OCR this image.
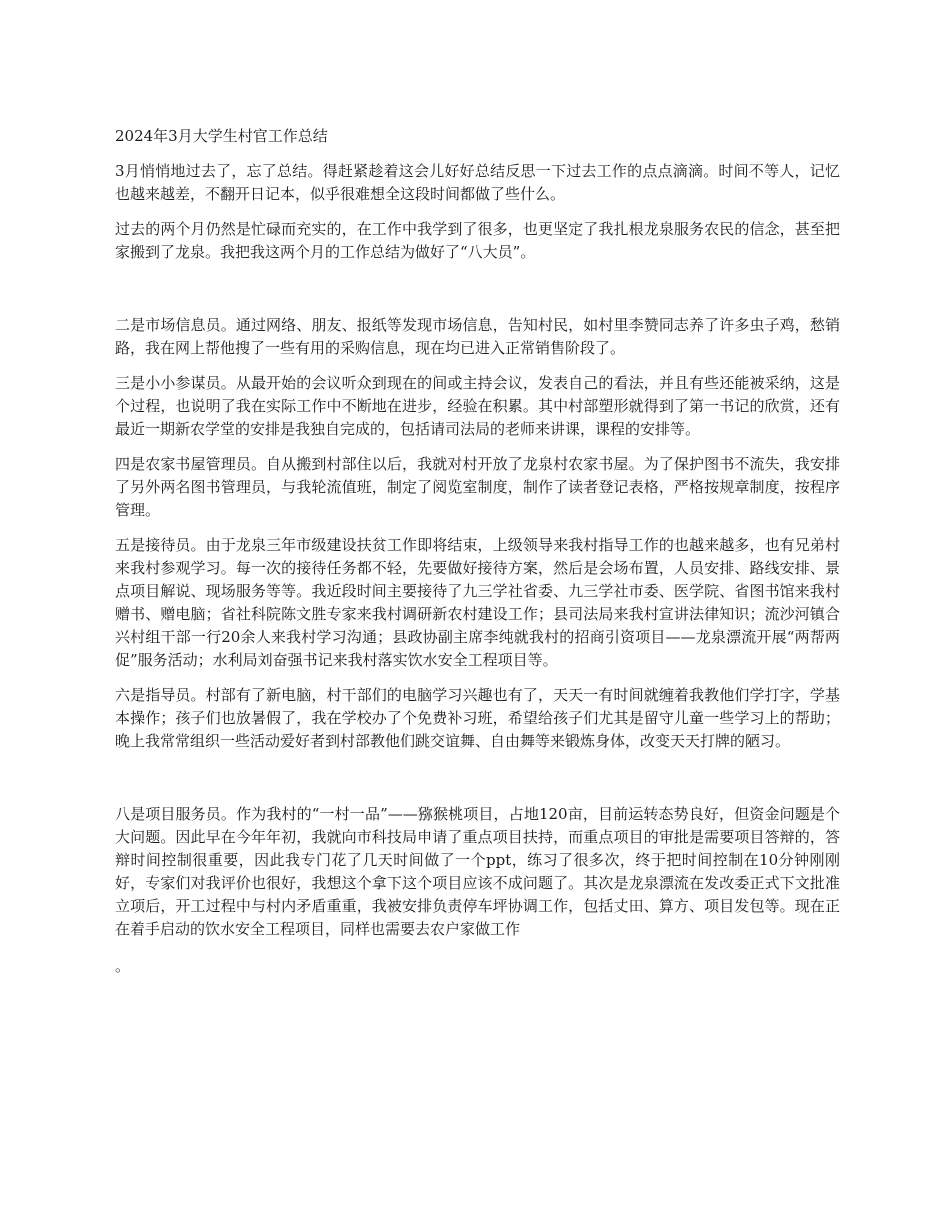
2024年3月大学生村官工作总结

3月悄悄地过去了，忘了总结。得赶紧趁着这会儿好好总结反思一下过去工作的点点滴滴。时间不等人，记忆也越来越差，不翻开日记本，似乎很难想全这段时间都做了些什么。

过去的两个月仍然是忙碌而充实的，在工作中我学到了很多，也更坚定了我扎根龙泉服务农民的信念，甚至把家搬到了龙泉。我把我这两个月的工作总结为做好了“八大员”。

二是市场信息员。通过网络、朋友、报纸等发现市场信息，告知村民，如村里李赞同志养了许多虫子鸡，愁销路，我在网上帮他搜了一些有用的采购信息，现在均已进入正常销售阶段了。

三是小小参谋员。从最开始的会议听众到现在的间或主持会议，发表自己的看法，并且有些还能被采纳，这是个过程，也说明了我在实际工作中不断地在进步，经验在积累。其中村部塑形就得到了第一书记的欣赏，还有最近一期新农学堂的安排是我独自完成的，包括请司法局的老师来讲课，课程的安排等。

四是农家书屋管理员。自从搬到村部住以后，我就对村开放了龙泉村农家书屋。为了保护图书不流失，我安排了另外两名图书管理员，与我轮流值班，制定了阅览室制度，制作了读者登记表格，严格按规章制度，按程序管理。

五是接待员。由于龙泉三年市级建设扶贫工作即将结束，上级领导来我村指导工作的也越来越多，也有兄弟村来我村参观学习。每一次的接待任务都不轻，先要做好接待方案，然后是会场布置，人员安排、路线安排、景点项目解说、现场服务等等。我近段时间主要接待了九三学社省委、九三学社市委、医学院、省图书馆来我村赠书、赠电脑；省社科院陈文胜专家来我村调研新农村建设工作；县司法局来我村宣讲法律知识；流沙河镇合兴村组干部一行20余人来我村学习沟通；县政协副主席李纯就我村的招商引资项目——龙泉漂流开展“两帮两促”服务活动；水利局刘奋强书记来我村落实饮水安全工程项目等。

六是指导员。村部有了新电脑，村干部们的电脑学习兴趣也有了，天天一有时间就缠着我教他们学打字，学基本操作；孩子们也放暑假了，我在学校办了个免费补习班，希望给孩子们尤其是留守儿童一些学习上的帮助；晚上我常常组织一些活动爱好者到村部教他们跳交谊舞、自由舞等来锻炼身体，改变天天打牌的陋习。

八是项目服务员。作为我村的“一村一品”——猕猴桃项目，占地120亩，目前运转态势良好，但资金问题是个大问题。因此早在今年年初，我就向市科技局申请了重点项目扶持，而重点项目的审批是需要项目答辩的，答辩时间控制很重要，因此我专门花了几天时间做了一个ppt，练习了很多次，终于把时间控制在10分钟刚刚好，专家们对我评价也很好，我想这个拿下这个项目应该不成问题了。其次是龙泉漂流在发改委正式下文批准立项后，开工过程中与村内矛盾重重，我被安排负责停车坪协调工作，包括丈田、算方、项目发包等。现在正在着手启动的饮水安全工程项目，同样也需要去农户家做工作

。
